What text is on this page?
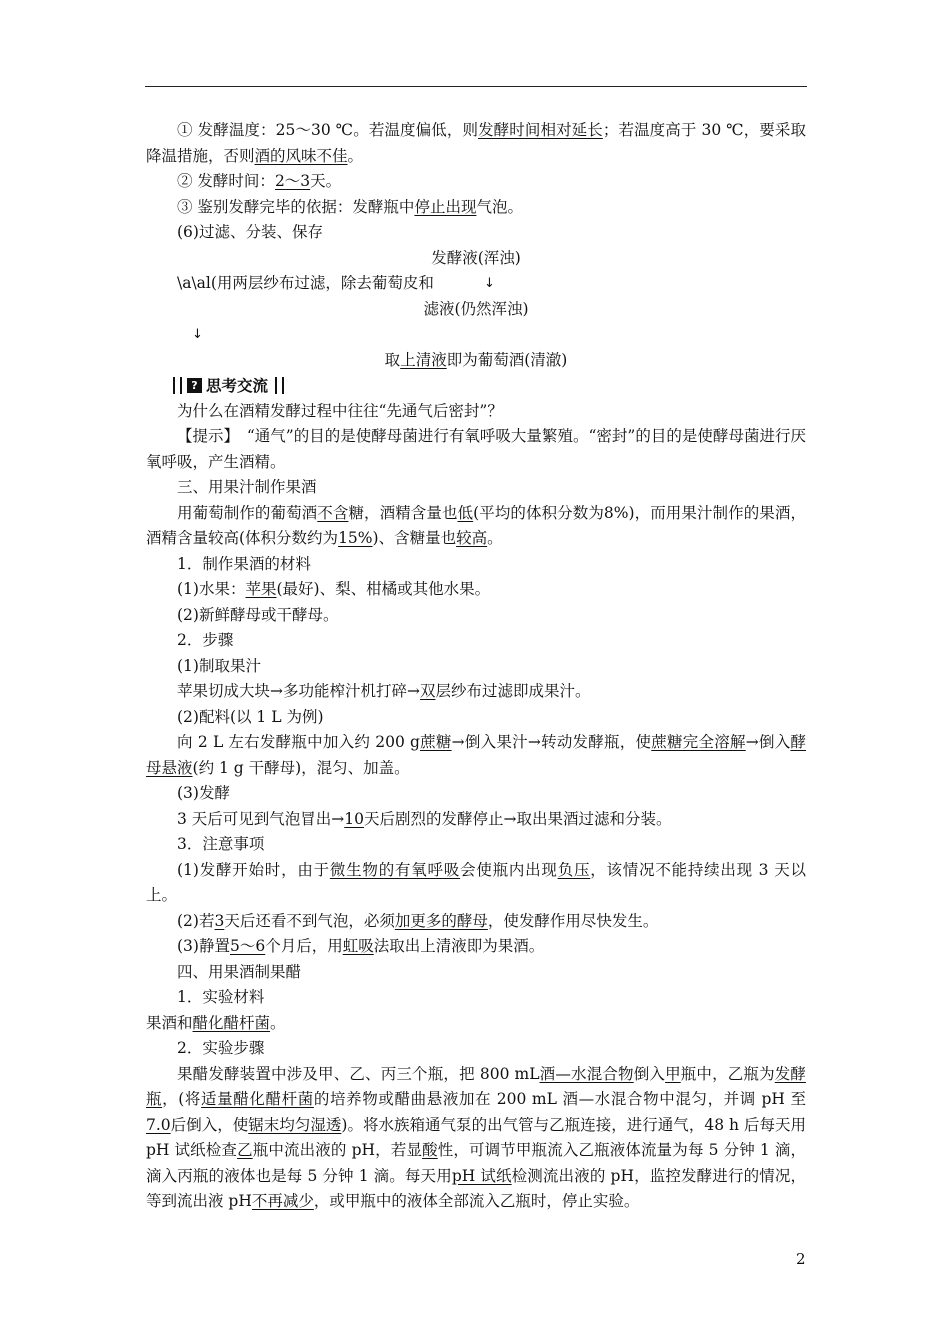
① 发酵温度：25～30 ℃。若温度偏低，则发酵时间相对延长；若温度高于 30 ℃，要采取降温措施，否则酒的风味不佳。

② 发酵时间：2～3天。

③ 鉴别发酵完毕的依据：发酵瓶中停止出现气泡。

(6)过滤、分装、保存

发酵液(浑浊)

\a\al(用两层纱布过滤，除去葡萄皮和	↓

滤液(仍然浑浊)

↓

取上清液即为葡萄酒(清澈)

? 思考交流

为什么在酒精发酵过程中往往“先通气后密封”？

【提示】　“通气”的目的是使酵母菌进行有氧呼吸大量繁殖。“密封”的目的是使酵母菌进行厌氧呼吸，产生酒精。

三、用果汁制作果酒

用葡萄制作的葡萄酒不含糖，酒精含量也低(平均的体积分数为8%)，而用果汁制作的果酒，酒精含量较高(体积分数约为15%)、含糖量也较高。

1．制作果酒的材料

(1)水果：苹果(最好)、梨、柑橘或其他水果。

(2)新鲜酵母或干酵母。

2．步骤

(1)制取果汁

苹果切成大块→多功能榨汁机打碎→双层纱布过滤即成果汁。

(2)配料(以 1 L 为例)

向 2 L 左右发酵瓶中加入约 200 g蔗糖→倒入果汁→转动发酵瓶，使蔗糖完全溶解→倒入酵母悬液(约 1 g 干酵母)，混匀、加盖。

(3)发酵

3 天后可见到气泡冒出→10天后剧烈的发酵停止→取出果酒过滤和分装。

3．注意事项

(1)发酵开始时，由于微生物的有氧呼吸会使瓶内出现负压，该情况不能持续出现 3 天以上。

(2)若3天后还看不到气泡，必须加更多的酵母，使发酵作用尽快发生。

(3)静置5～6个月后，用虹吸法取出上清液即为果酒。

四、用果酒制果醋

1．实验材料

果酒和醋化醋杆菌。

2．实验步骤

果醋发酵装置中涉及甲、乙、丙三个瓶，把 800 mL酒—水混合物倒入甲瓶中，乙瓶为发酵瓶，(将适量醋化醋杆菌的培养物或醋曲悬液加在 200 mL 酒—水混合物中混匀，并调 pH 至7.0后倒入，使锯末均匀湿透)。将水族箱通气泵的出气管与乙瓶连接，进行通气，48 h 后每天用 pH 试纸检查乙瓶中流出液的 pH，若显酸性，可调节甲瓶流入乙瓶液体流量为每 5 分钟 1 滴，滴入丙瓶的液体也是每 5 分钟 1 滴。每天用pH 试纸检测流出液的 pH，监控发酵进行的情况，等到流出液 pH不再减少，或甲瓶中的液体全部流入乙瓶时，停止实验。

2
